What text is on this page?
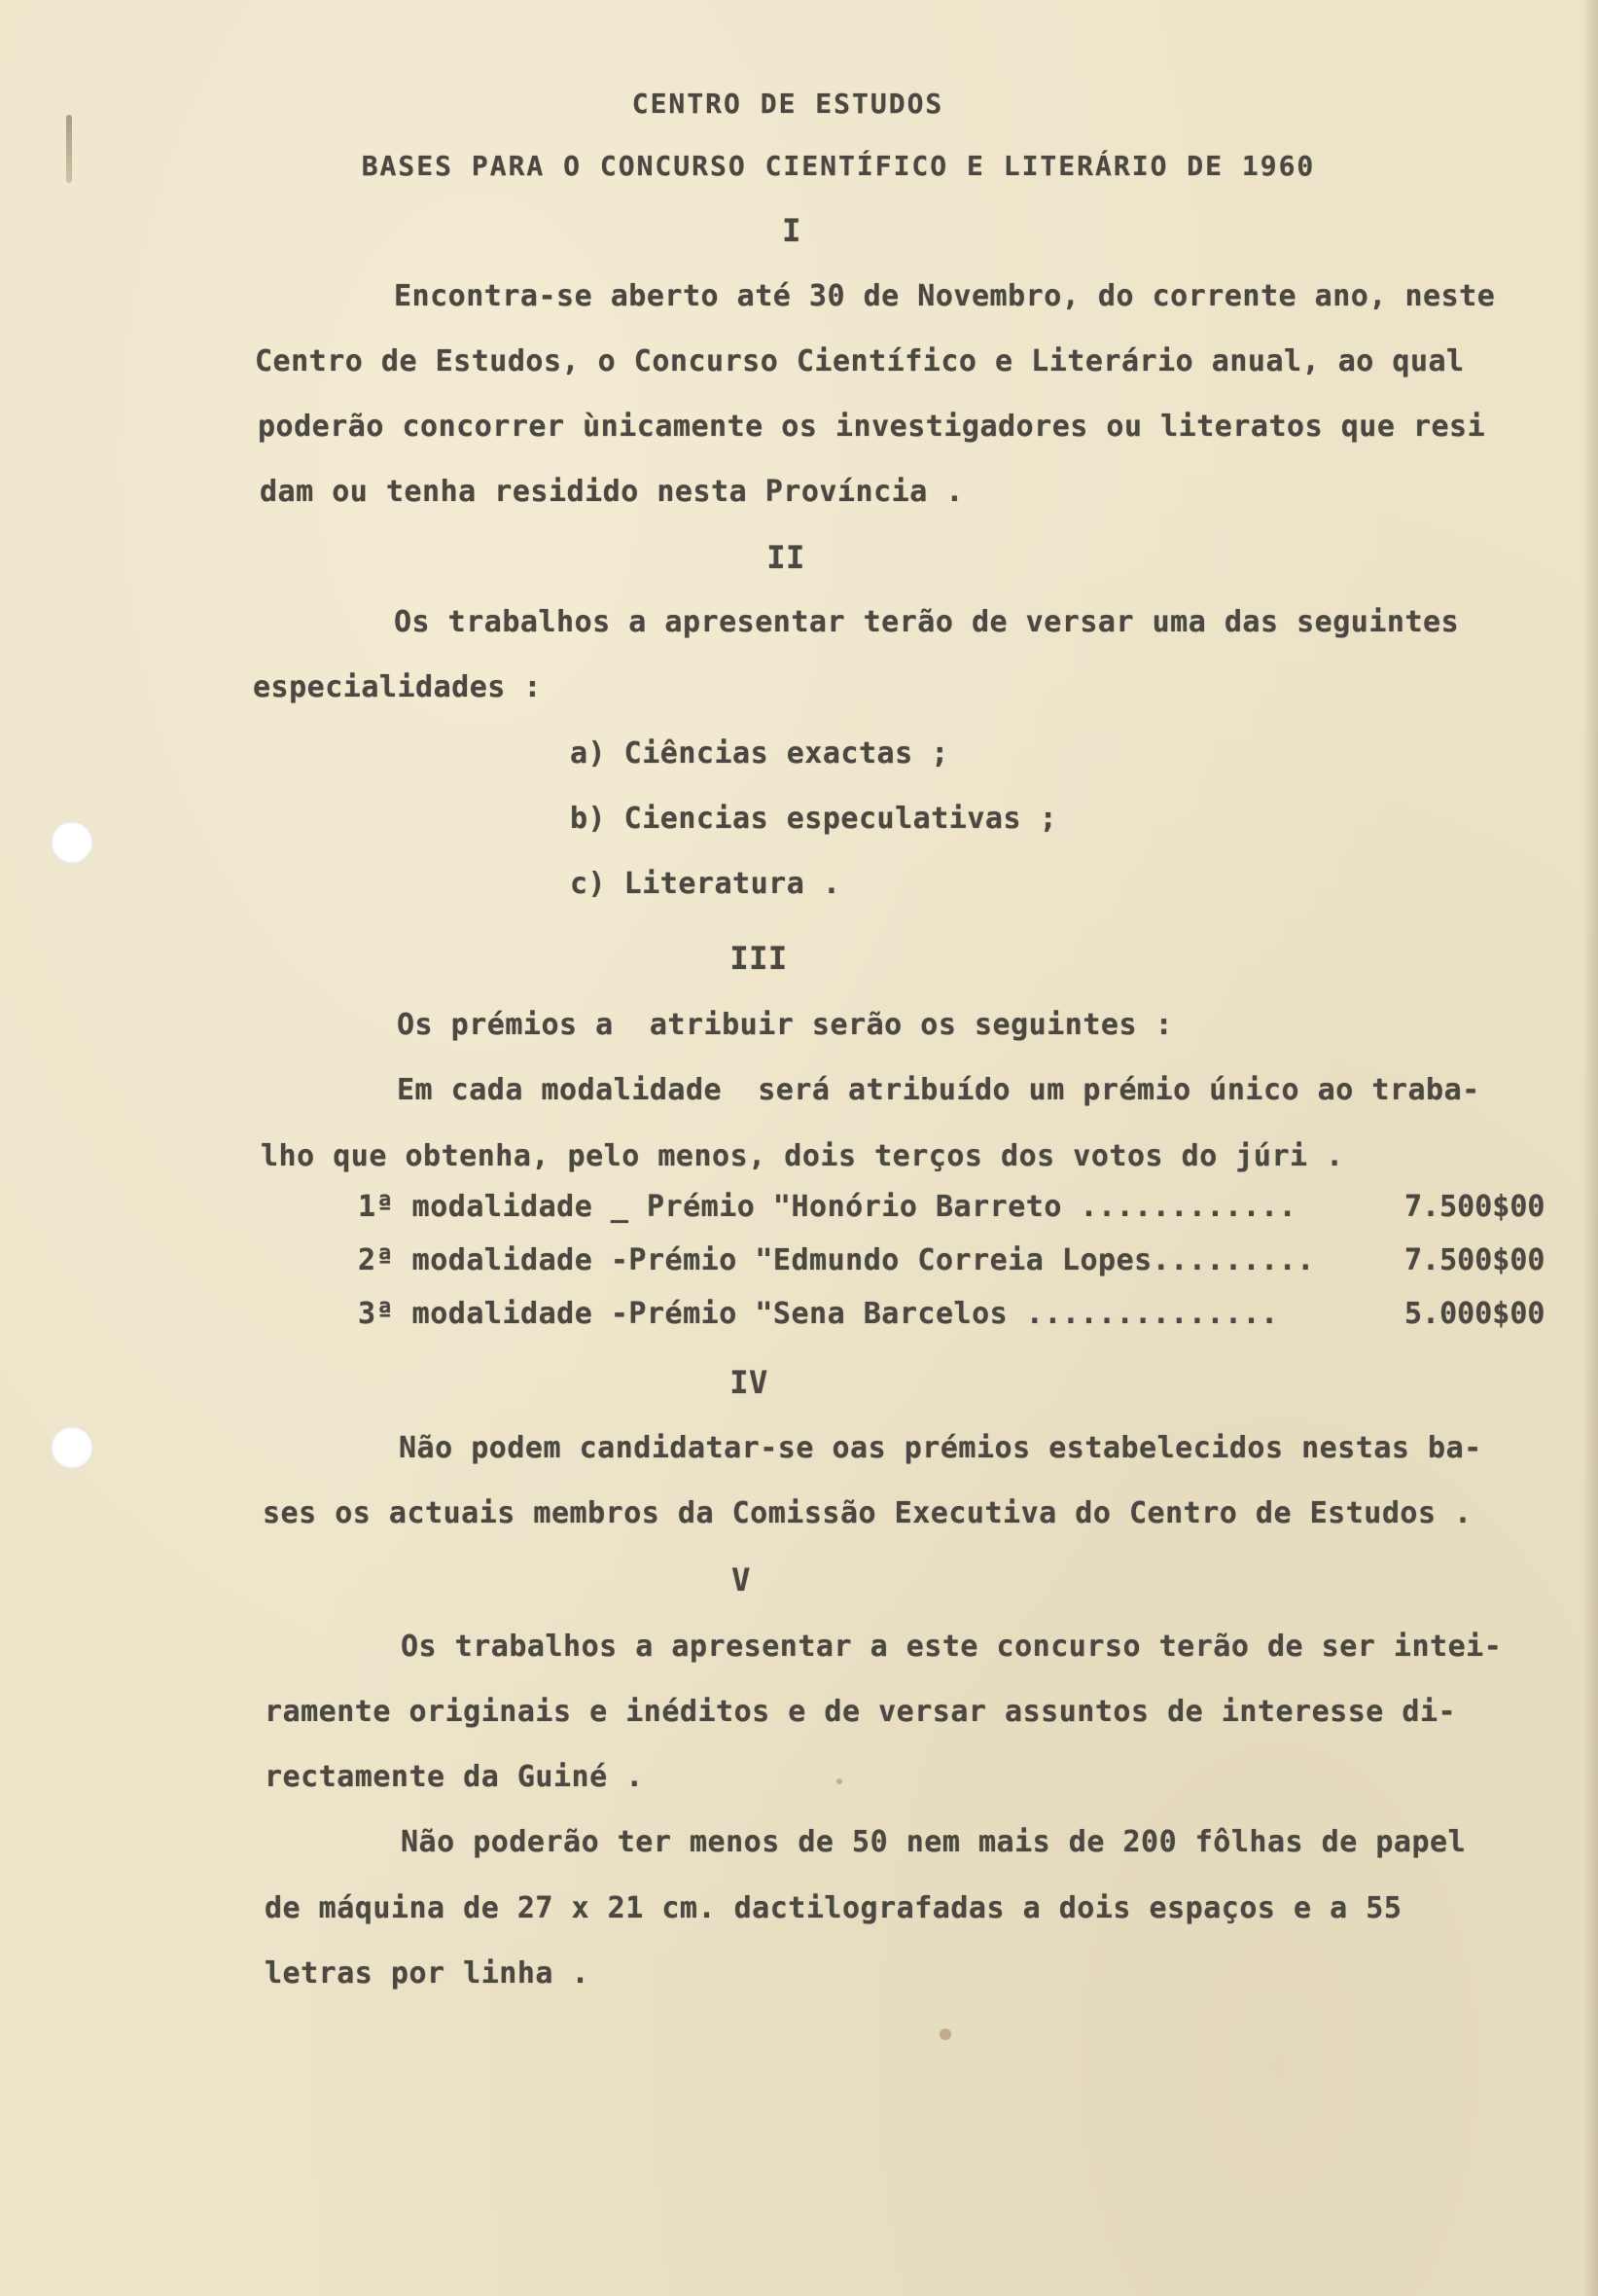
CENTRO DE ESTUDOS
BASES PARA O CONCURSO CIENTÍFICO E LITERÁRIO DE 1960
I
Encontra-se aberto até 30 de Novembro, do corrente ano, neste
Centro de Estudos, o Concurso Científico e Literário anual, ao qual
poderão concorrer ùnicamente os investigadores ou literatos que resi
dam ou tenha residido nesta Província .
II
Os trabalhos a apresentar terão de versar uma das seguintes
especialidades :
a) Ciências exactas ;
b) Ciencias especulativas ;
c) Literatura .
III
Os prémios a  atribuir serão os seguintes :
Em cada modalidade  será atribuído um prémio único ao traba-
lho que obtenha, pelo menos, dois terços dos votos do júri .
1ª modalidade _ Prémio "Honório Barreto ............	7.500$00
2ª modalidade -Prémio "Edmundo Correia Lopes.........	7.500$00
3ª modalidade -Prémio "Sena Barcelos ..............	5.000$00
IV
Não podem candidatar-se oas prémios estabelecidos nestas ba-
ses os actuais membros da Comissão Executiva do Centro de Estudos .
V
Os trabalhos a apresentar a este concurso terão de ser intei-
ramente originais e inéditos e de versar assuntos de interesse di-
rectamente da Guiné .
Não poderão ter menos de 50 nem mais de 200 fôlhas de papel
de máquina de 27 x 21 cm. dactilografadas a dois espaços e a 55
letras por linha .
